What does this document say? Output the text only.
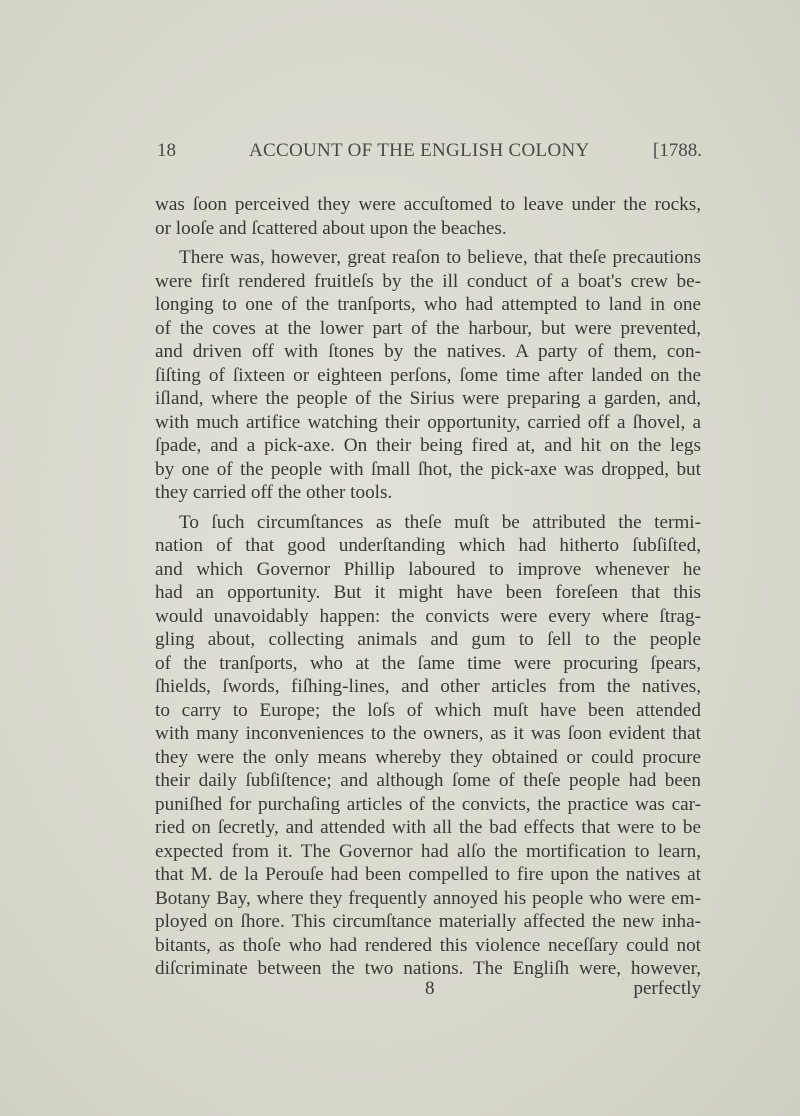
18	ACCOUNT OF THE ENGLISH COLONY	[1788.
was ſoon perceived they were accuſtomed to leave under the rocks,
or looſe and ſcattered about upon the beaches.
There was, however, great reaſon to believe, that theſe precautions
were firſt rendered fruitleſs by the ill conduct of a boat's crew be-
longing to one of the tranſports, who had attempted to land in one
of the coves at the lower part of the harbour, but were prevented,
and driven off with ſtones by the natives. A party of them, con-
ſiſting of ſixteen or eighteen perſons, ſome time after landed on the
iſland, where the people of the Sirius were preparing a garden, and,
with much artifice watching their opportunity, carried off a ſhovel, a
ſpade, and a pick-axe. On their being fired at, and hit on the legs
by one of the people with ſmall ſhot, the pick-axe was dropped, but
they carried off the other tools.
To ſuch circumſtances as theſe muſt be attributed the termi-
nation of that good underſtanding which had hitherto ſubſiſted,
and which Governor Phillip laboured to improve whenever he
had an opportunity. But it might have been foreſeen that this
would unavoidably happen: the convicts were every where ſtrag-
gling about, collecting animals and gum to ſell to the people
of the tranſports, who at the ſame time were procuring ſpears,
ſhields, ſwords, fiſhing-lines, and other articles from the natives,
to carry to Europe; the loſs of which muſt have been attended
with many inconveniences to the owners, as it was ſoon evident that
they were the only means whereby they obtained or could procure
their daily ſubſiſtence; and although ſome of theſe people had been
puniſhed for purchaſing articles of the convicts, the practice was car-
ried on ſecretly, and attended with all the bad effects that were to be
expected from it. The Governor had alſo the mortification to learn,
that M. de la Perouſe had been compelled to fire upon the natives at
Botany Bay, where they frequently annoyed his people who were em-
ployed on ſhore. This circumſtance materially affected the new inha-
bitants, as thoſe who had rendered this violence neceſſary could not
diſcriminate between the two nations. The Engliſh were, however,
8	perfectly
